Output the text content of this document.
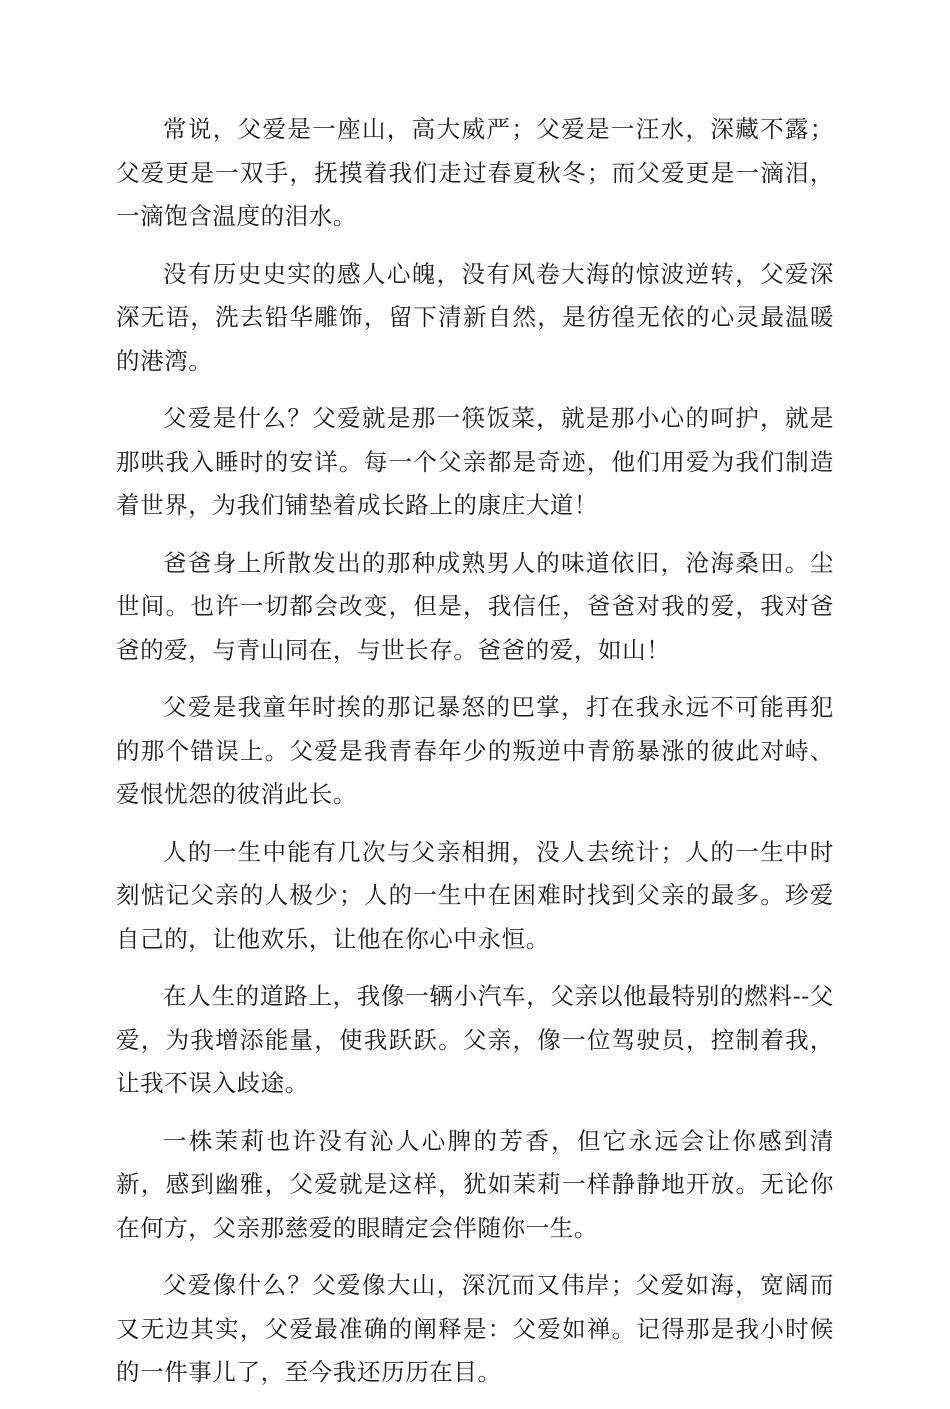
常说，父爱是一座山，高大威严；父爱是一汪水，深藏不露；父爱更是一双手，抚摸着我们走过春夏秋冬；而父爱更是一滴泪，一滴饱含温度的泪水。

没有历史史实的感人心魄，没有风卷大海的惊波逆转，父爱深深无语，洗去铅华雕饰，留下清新自然，是彷徨无依的心灵最温暖的港湾。

父爱是什么？父爱就是那一筷饭菜，就是那小心的呵护，就是那哄我入睡时的安详。每一个父亲都是奇迹，他们用爱为我们制造着世界，为我们铺垫着成长路上的康庄大道！

爸爸身上所散发出的那种成熟男人的味道依旧，沧海桑田。尘世间。也许一切都会改变，但是，我信任，爸爸对我的爱，我对爸爸的爱，与青山同在，与世长存。爸爸的爱，如山！

父爱是我童年时挨的那记暴怒的巴掌，打在我永远不可能再犯的那个错误上。父爱是我青春年少的叛逆中青筋暴涨的彼此对峙、爱恨忧怨的彼消此长。

人的一生中能有几次与父亲相拥，没人去统计；人的一生中时刻惦记父亲的人极少；人的一生中在困难时找到父亲的最多。珍爱自己的，让他欢乐，让他在你心中永恒。

在人生的道路上，我像一辆小汽车，父亲以他最特别的燃料--父爱，为我增添能量，使我跃跃。父亲，像一位驾驶员，控制着我，让我不误入歧途。

一株茉莉也许没有沁人心脾的芳香，但它永远会让你感到清新，感到幽雅，父爱就是这样，犹如茉莉一样静静地开放。无论你在何方，父亲那慈爱的眼睛定会伴随你一生。

父爱像什么？父爱像大山，深沉而又伟岸；父爱如海，宽阔而又无边其实，父爱最准确的阐释是：父爱如禅。记得那是我小时候的一件事儿了，至今我还历历在目。
